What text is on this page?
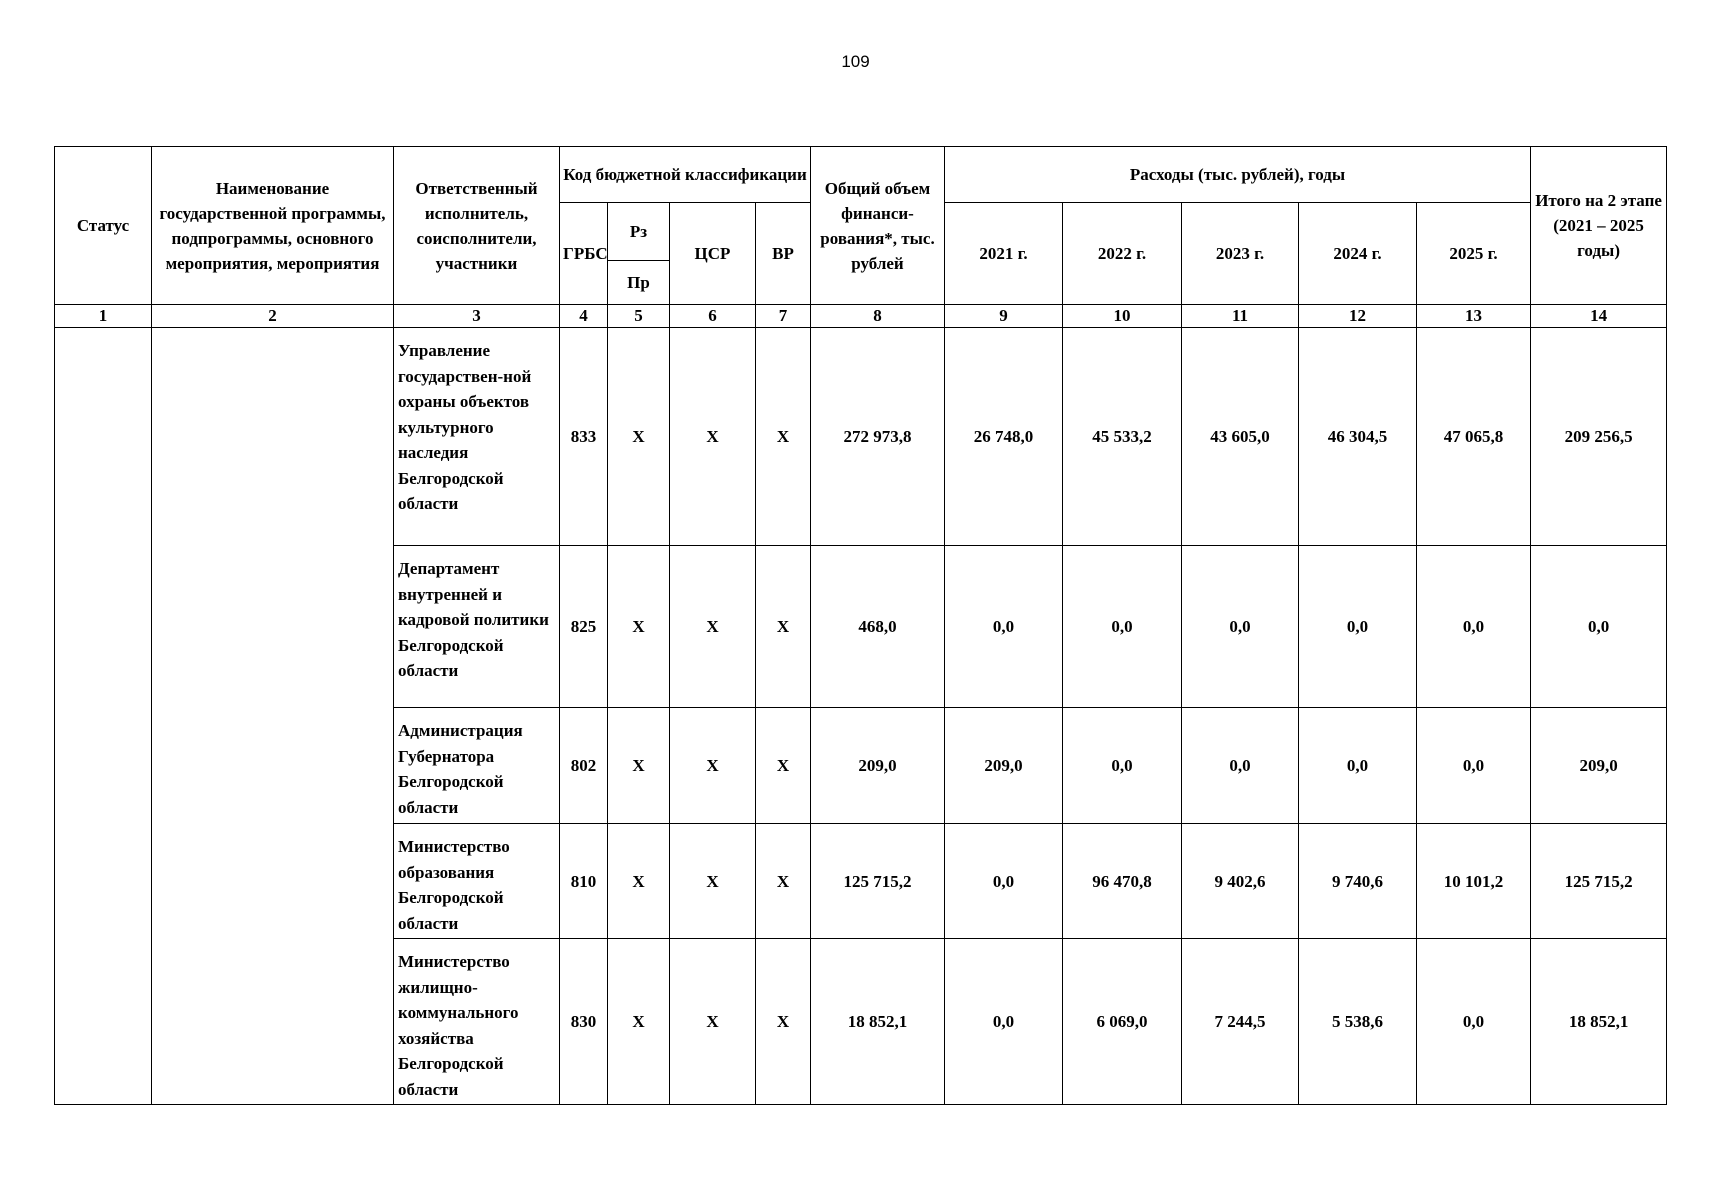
109
Статус	Наименование государственной программы, подпрограммы, основного мероприятия, мероприятия	Ответственный исполнитель, соисполнители, участники	Код бюджетной классификации				Общий объем финанси-рования*, тыс. рублей	Расходы (тыс. рублей), годы					Итого на 2 этапе (2021 – 2025 годы)
			ГРБС	Рз	ЦСР	ВР		2021 г.	2022 г.	2023 г.	2024 г.	2025 г.	
				Пр									
1	2	3	4	5	6	7	8	9	10	11	12	13	14
		Управление государствен-ной охраны объектов культурного наследия Белгородской области	833	X	X	X	272 973,8	26 748,0	45 533,2	43 605,0	46 304,5	47 065,8	209 256,5
		Департамент внутренней и кадровой политики Белгородской области	825	X	X	X	468,0	0,0	0,0	0,0	0,0	0,0	0,0
		Администрация Губернатора Белгородской области	802	X	X	X	209,0	209,0	0,0	0,0	0,0	0,0	209,0
		Министерство образования Белгородской области	810	X	X	X	125 715,2	0,0	96 470,8	9 402,6	9 740,6	10 101,2	125 715,2
		Министерство жилищно-коммунального хозяйства Белгородской области	830	X	X	X	18 852,1	0,0	6 069,0	7 244,5	5 538,6	0,0	18 852,1
